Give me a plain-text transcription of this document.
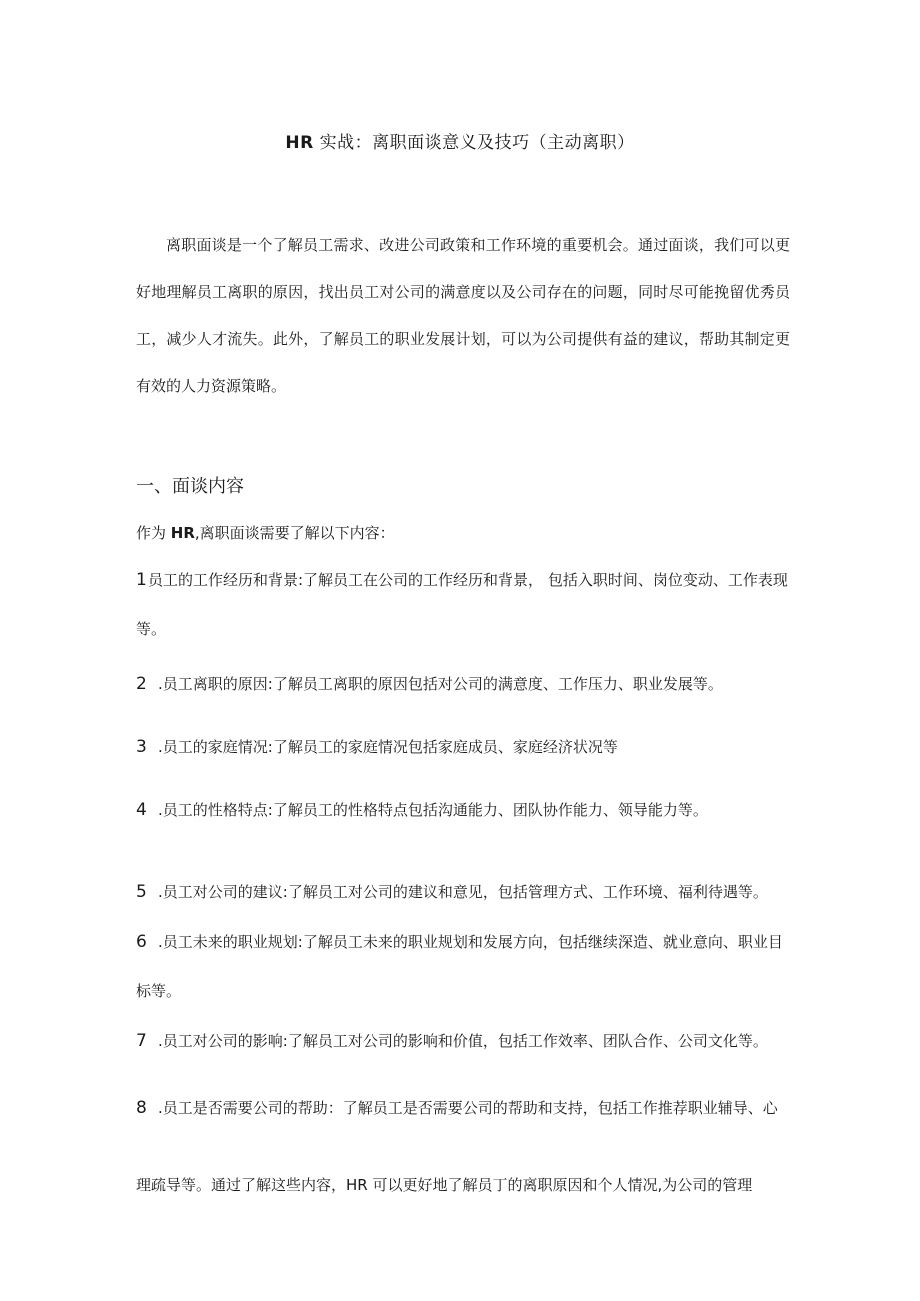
HR 实战：离职面谈意义及技巧（主动离职）

离职面谈是一个了解员工需求、改进公司政策和工作环境的重要机会。通过面谈，我们可以更好地理解员工离职的原因，找出员工对公司的满意度以及公司存在的问题，同时尽可能挽留优秀员工，减少人才流失。此外，了解员工的职业发展计划，可以为公司提供有益的建议，帮助其制定更有效的人力资源策略。

一、面谈内容

作为 HR,离职面谈需要了解以下内容：

1员工的工作经历和背景:了解员工在公司的工作经历和背景， 包括入职时间、岗位变动、工作表现等。

2 .员工离职的原因:了解员工离职的原因包括对公司的满意度、工作压力、职业发展等。

3 .员工的家庭情况:了解员工的家庭情况包括家庭成员、家庭经济状况等

4 .员工的性格特点:了解员工的性格特点包括沟通能力、团队协作能力、领导能力等。

5 .员工对公司的建议:了解员工对公司的建议和意见，包括管理方式、工作环境、福利待遇等。

6 .员工未来的职业规划:了解员工未来的职业规划和发展方向，包括继续深造、就业意向、职业目标等。

7 .员工对公司的影响:了解员工对公司的影响和价值，包括工作效率、团队合作、公司文化等。

8 .员工是否需要公司的帮助：了解员工是否需要公司的帮助和支持，包括工作推荐职业辅导、心理疏导等。通过了解这些内容，HR 可以更好地了解员丁的离职原因和个人情况,为公司的管理
